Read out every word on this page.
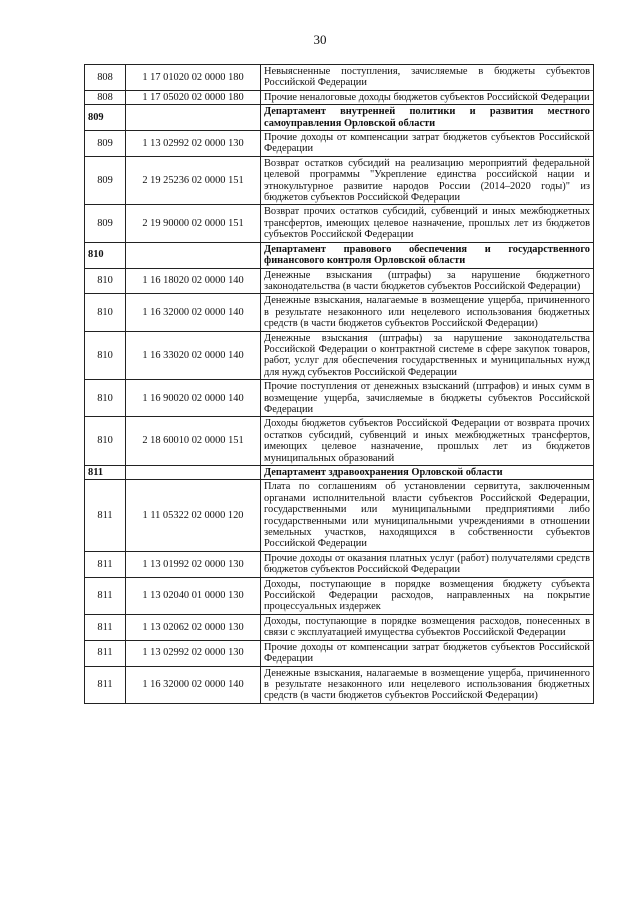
30
808	1 17 01020 02 0000 180	Невыясненные поступления, зачисляемые в бюджеты субъектов Российской Федерации
808	1 17 05020 02 0000 180	Прочие неналоговые доходы бюджетов субъектов Российской Федерации
809		Департамент внутренней политики и развития местного самоуправления Орловской области
809	1 13 02992 02 0000 130	Прочие доходы от компенсации затрат бюджетов субъектов Российской Федерации
809	2 19 25236 02 0000 151	Возврат остатков субсидий на реализацию мероприятий федеральной целевой программы "Укрепление единства российской нации и этнокультурное развитие народов России (2014–2020 годы)" из бюджетов субъектов Российской Федерации
809	2 19 90000 02 0000 151	Возврат прочих остатков субсидий, субвенций и иных межбюджетных трансфертов, имеющих целевое назначение, прошлых лет из бюджетов субъектов Российской Федерации
810		Департамент правового обеспечения и государственного финансового контроля Орловской области
810	1 16 18020 02 0000 140	Денежные взыскания (штрафы) за нарушение бюджетного законодательства (в части бюджетов субъектов Российской Федерации)
810	1 16 32000 02 0000 140	Денежные взыскания, налагаемые в возмещение ущерба, причиненного в результате незаконного или нецелевого использования бюджетных средств (в части бюджетов субъектов Российской Федерации)
810	1 16 33020 02 0000 140	Денежные взыскания (штрафы) за нарушение законодательства Российской Федерации о контрактной системе в сфере закупок товаров, работ, услуг для обеспечения государственных и муниципальных нужд для нужд субъектов Российской Федерации
810	1 16 90020 02 0000 140	Прочие поступления от денежных взысканий (штрафов) и иных сумм в возмещение ущерба, зачисляемые в бюджеты субъектов Российской Федерации
810	2 18 60010 02 0000 151	Доходы бюджетов субъектов Российской Федерации от возврата прочих остатков субсидий, субвенций и иных межбюджетных трансфертов, имеющих целевое назначение, прошлых лет из бюджетов муниципальных образований
811		Департамент здравоохранения Орловской области
811	1 11 05322 02 0000 120	Плата по соглашениям об установлении сервитута, заключенным органами исполнительной власти субъектов Российской Федерации, государственными или муниципальными предприятиями либо государственными или муниципальными учреждениями в отношении земельных участков, находящихся в собственности субъектов Российской Федерации
811	1 13 01992 02 0000 130	Прочие доходы от оказания платных услуг (работ) получателями средств бюджетов субъектов Российской Федерации
811	1 13 02040 01 0000 130	Доходы, поступающие в порядке возмещения бюджету субъекта Российской Федерации расходов, направленных на покрытие процессуальных издержек
811	1 13 02062 02 0000 130	Доходы, поступающие в порядке возмещения расходов, понесенных в связи с эксплуатацией имущества субъектов Российской Федерации
811	1 13 02992 02 0000 130	Прочие доходы от компенсации затрат бюджетов субъектов Российской Федерации
811	1 16 32000 02 0000 140	Денежные взыскания, налагаемые в возмещение ущерба, причиненного в результате незаконного или нецелевого использования бюджетных средств (в части бюджетов субъектов Российской Федерации)
